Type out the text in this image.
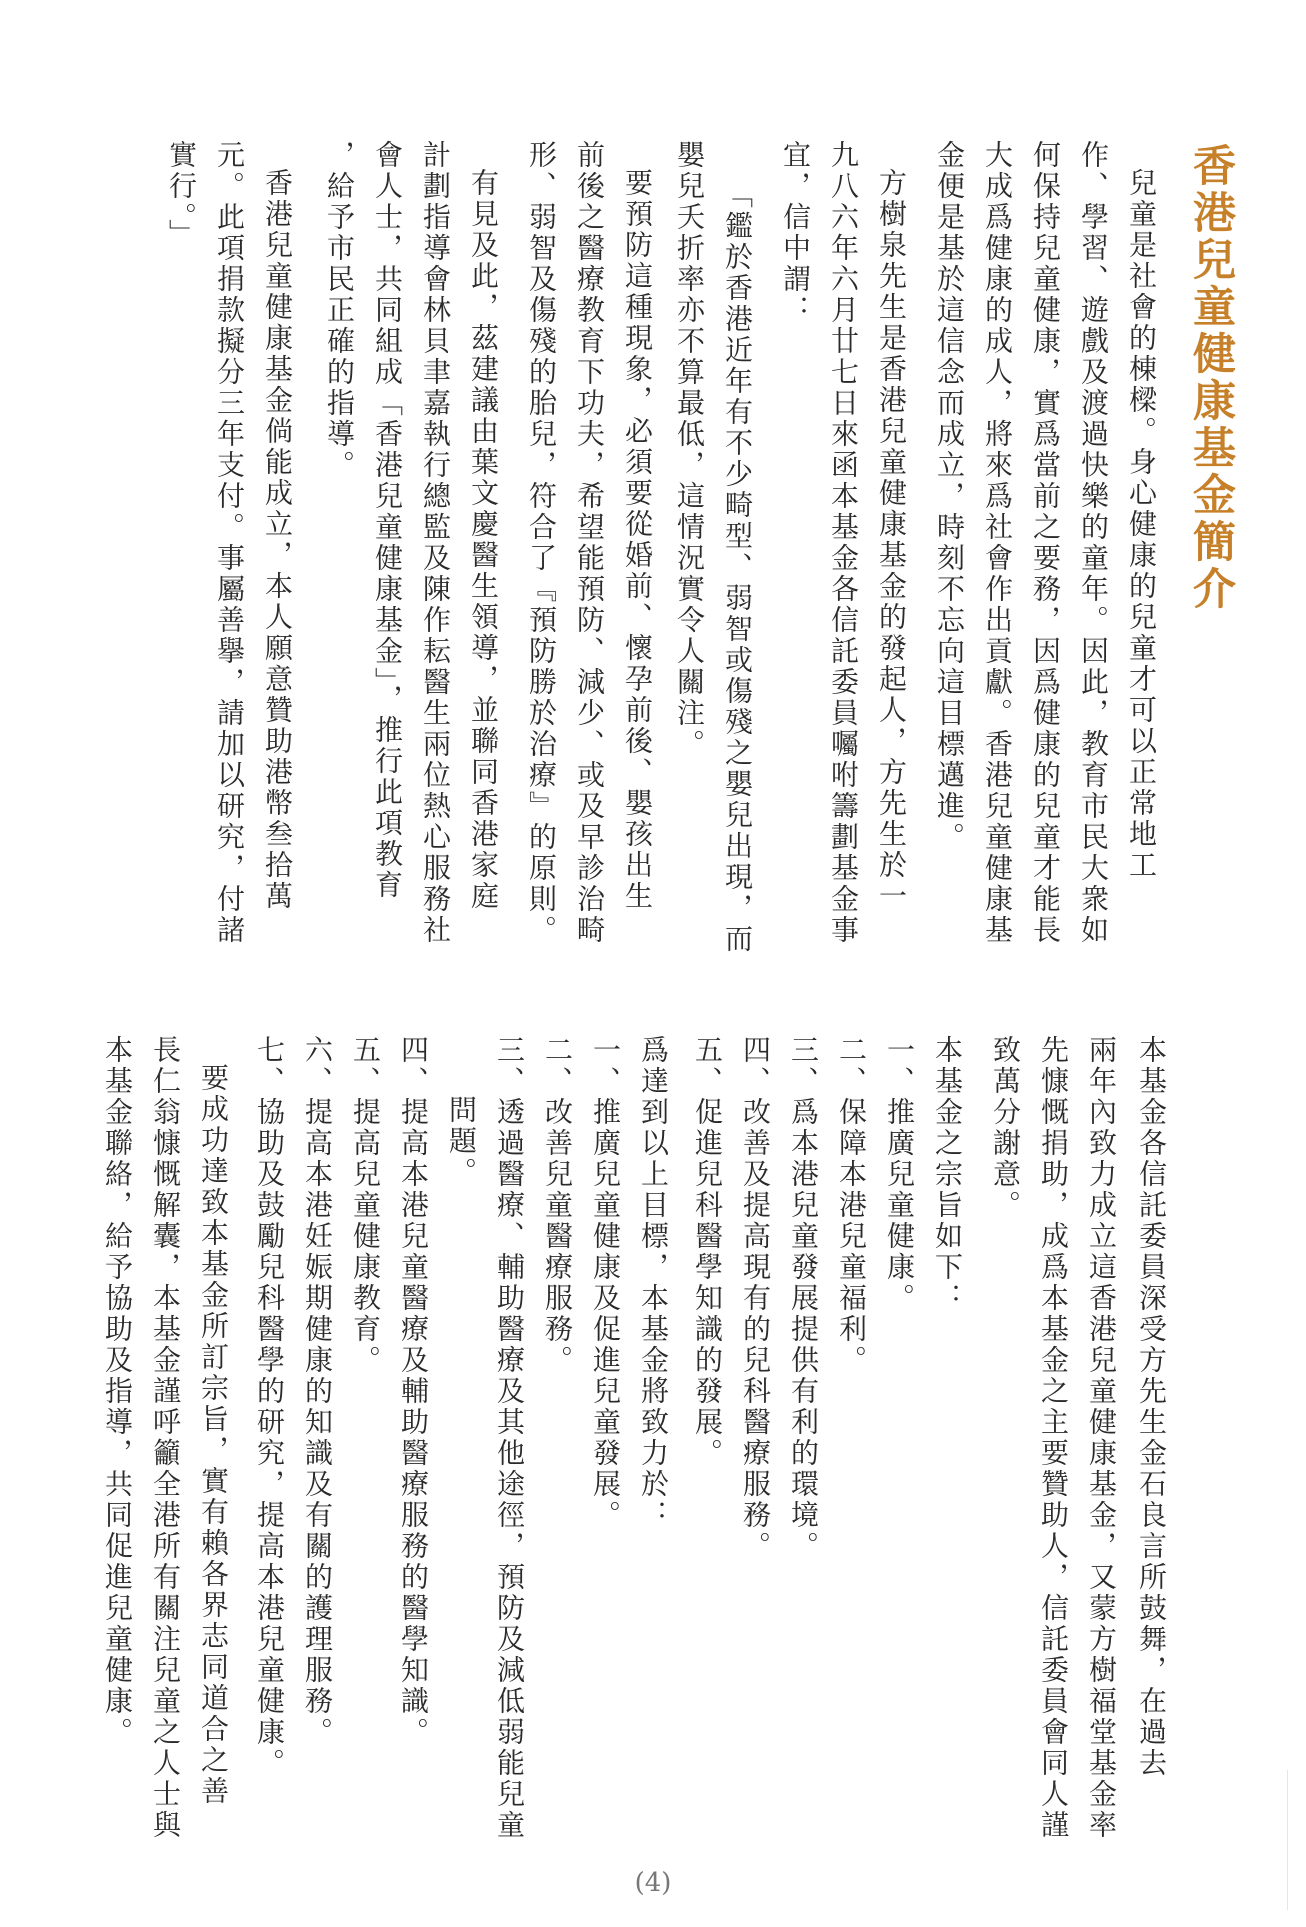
香港兒童健康基金簡介
兒童是社會的棟樑。身心健康的兒童才可以正常地工
作、學習、遊戲及渡過快樂的童年。因此，教育市民大衆如
何保持兒童健康，實爲當前之要務，因爲健康的兒童才能長
大成爲健康的成人，將來爲社會作出貢獻。香港兒童健康基
金便是基於這信念而成立，時刻不忘向這目標邁進。
方樹泉先生是香港兒童健康基金的發起人，方先生於一
九八六年六月廿七日來函本基金各信託委員囑咐籌劃基金事
宜，信中謂：
「鑑於香港近年有不少畸型、弱智或傷殘之嬰兒出現，而
嬰兒夭折率亦不算最低，這情況實令人關注。
要預防這種現象，必須要從婚前、懷孕前後、嬰孩出生
前後之醫療教育下功夫，希望能預防、減少、或及早診治畸
形、弱智及傷殘的胎兒，符合了『預防勝於治療』的原則。
有見及此，茲建議由葉文慶醫生領導，並聯同香港家庭
計劃指導會林貝聿嘉執行總監及陳作耘醫生兩位熱心服務社
會人士，共同組成「香港兒童健康基金」，推行此項教育
，給予市民正確的指導。
香港兒童健康基金倘能成立，本人願意贊助港幣叁拾萬
元。此項捐款擬分三年支付。事屬善擧，請加以研究，付諸
實行。」
本基金各信託委員深受方先生金石良言所鼓舞，在過去
兩年內致力成立這香港兒童健康基金，又蒙方樹福堂基金率
先慷慨捐助，成爲本基金之主要贊助人，信託委員會同人謹
致萬分謝意。
本基金之宗旨如下：
一、推廣兒童健康。
二、保障本港兒童福利。
三、爲本港兒童發展提供有利的環境。
四、改善及提高現有的兒科醫療服務。
五、促進兒科醫學知識的發展。
爲達到以上目標，本基金將致力於：
一、推廣兒童健康及促進兒童發展。
二、改善兒童醫療服務。
三、透過醫療、輔助醫療及其他途徑，預防及減低弱能兒童
問題。
四、提高本港兒童醫療及輔助醫療服務的醫學知識。
五、提高兒童健康教育。
六、提高本港妊娠期健康的知識及有關的護理服務。
七、協助及鼓勵兒科醫學的研究，提高本港兒童健康。
要成功達致本基金所訂宗旨，實有賴各界志同道合之善
長仁翁慷慨解囊，本基金謹呼籲全港所有關注兒童之人士與
本基金聯絡，給予協助及指導，共同促進兒童健康。
(4)
